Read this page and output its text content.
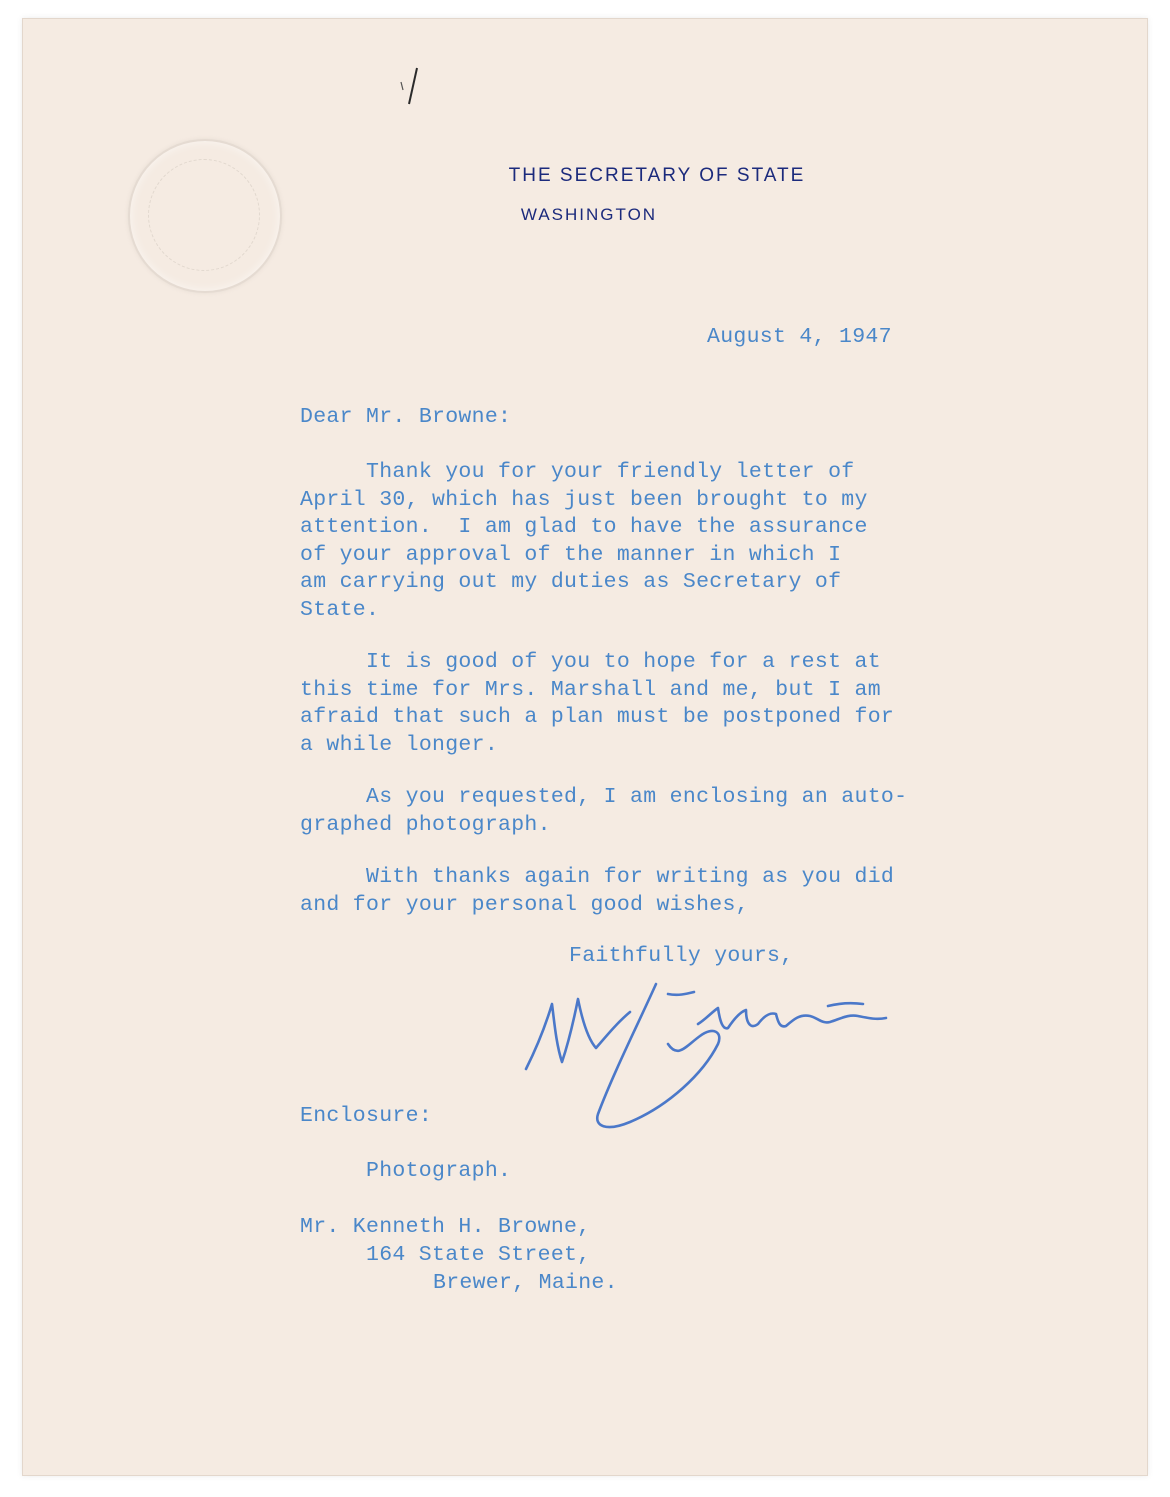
THE SECRETARY OF STATE
WASHINGTON
August 4, 1947
Dear Mr. Browne:
Thank you for your friendly letter of
April 30, which has just been brought to my
attention.  I am glad to have the assurance
of your approval of the manner in which I
am carrying out my duties as Secretary of
State.
It is good of you to hope for a rest at
this time for Mrs. Marshall and me, but I am
afraid that such a plan must be postponed for
a while longer.
As you requested, I am enclosing an auto-
graphed photograph.
With thanks again for writing as you did
and for your personal good wishes,
Faithfully yours,
Enclosure:
Photograph.
Mr. Kenneth H. Browne,
164 State Street,
Brewer, Maine.
